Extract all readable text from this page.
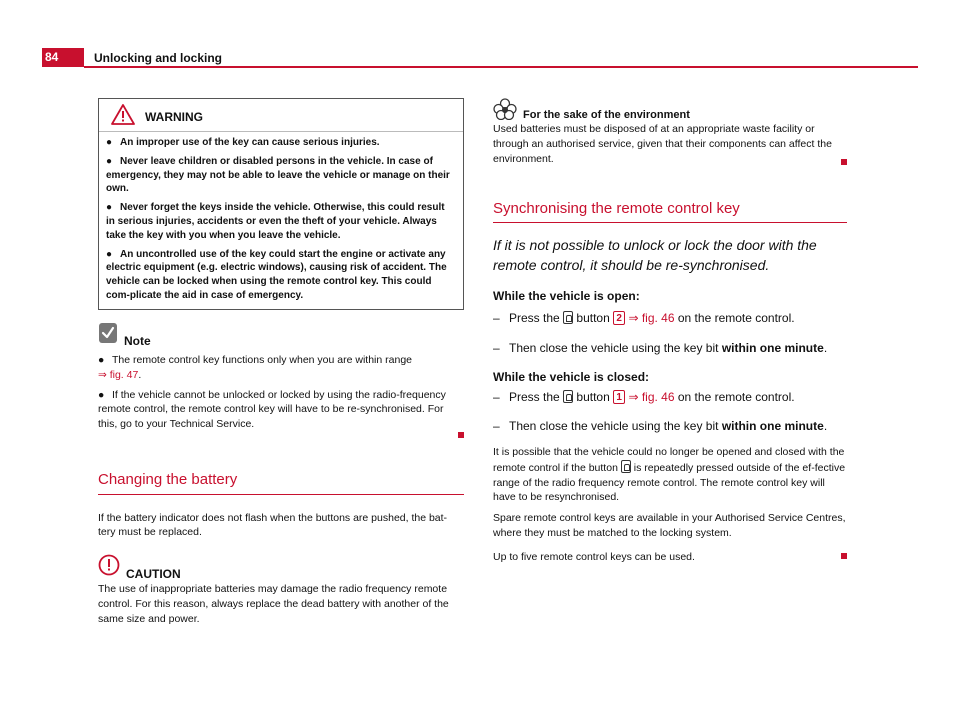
84	Unlocking and locking
WARNING

● An improper use of the key can cause serious injuries.

● Never leave children or disabled persons in the vehicle. In case of emergency, they may not be able to leave the vehicle or manage on their own.

● Never forget the keys inside the vehicle. Otherwise, this could result in serious injuries, accidents or even the theft of your vehicle. Always take the key with you when you leave the vehicle.

● An uncontrolled use of the key could start the engine or activate any electric equipment (e.g. electric windows), causing risk of accident. The vehicle can be locked when using the remote control key. This could com-plicate the aid in case of emergency.

Note

● The remote control key functions only when you are within range
⇒ fig. 47.

● If the vehicle cannot be unlocked or locked by using the radio-frequency remote control, the remote control key will have to be re-synchronised. For this, go to your Technical Service.

Changing the battery

If the battery indicator does not flash when the buttons are pushed, the bat-tery must be replaced.

CAUTION

The use of inappropriate batteries may damage the radio frequency remote control. For this reason, always replace the dead battery with another of the same size and power.

For the sake of the environment

Used batteries must be disposed of at an appropriate waste facility or through an authorised service, given that their components can affect the environment.

Synchronising the remote control key

If it is not possible to unlock or lock the door with the remote control, it should be re-synchronised.

While the vehicle is open:

– Press the button 2 ⇒ fig. 46 on the remote control.

– Then close the vehicle using the key bit within one minute.

While the vehicle is closed:

– Press the button 1 ⇒ fig. 46 on the remote control.

– Then close the vehicle using the key bit within one minute.

It is possible that the vehicle could no longer be opened and closed with the remote control if the button is repeatedly pressed outside of the ef-fective range of the radio frequency remote control. The remote control key will have to be resynchronised.

Spare remote control keys are available in your Authorised Service Centres, where they must be matched to the locking system.

Up to five remote control keys can be used.
